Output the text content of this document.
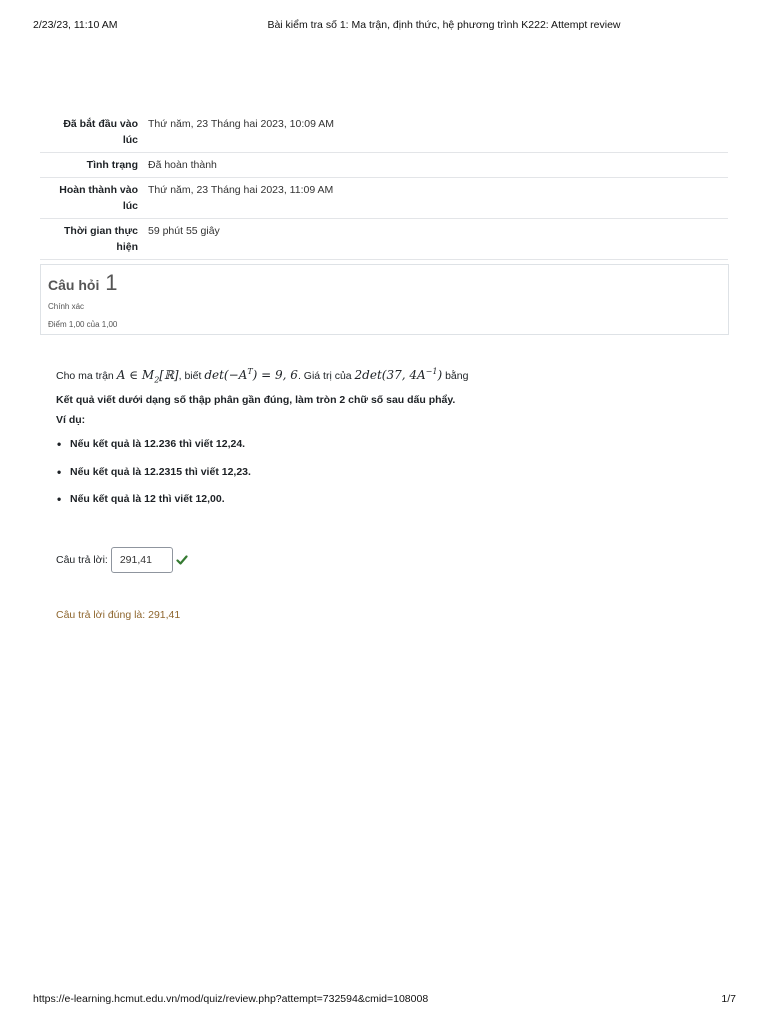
2/23/23, 11:10 AM	Bài kiểm tra số 1: Ma trận, định thức, hệ phương trình K222: Attempt review
Đã bắt đầu vào lúc	Thứ năm, 23 Tháng hai 2023, 10:09 AM
Tình trạng	Đã hoàn thành
Hoàn thành vào lúc	Thứ năm, 23 Tháng hai 2023, 11:09 AM
Thời gian thực hiện	59 phút 55 giây

Câu hỏi 1
Chính xác
Điểm 1,00 của 1,00
Cho ma trận A ∈ $M_2[ℝ]$, biết $\det(-A^T) = 9$, 6. Giá trị của 2det(37, $4A^{-1}$) bằng
Kết quả viết dưới dạng số thập phân gần đúng, làm tròn 2 chữ số sau dấu phẩy.
Ví dụ:
• Nếu kết quả là 12.236 thì viết 12,24.
• Nếu kết quả là 12.2315 thì viết 12,23.
• Nếu kết quả là 12 thì viết 12,00.
Câu trả lời:
291,41
Câu trả lời đúng là: 291,41
https://e-learning.hcmut.edu.vn/mod/quiz/review.php?attempt=732594&cmid=108008	1/7
